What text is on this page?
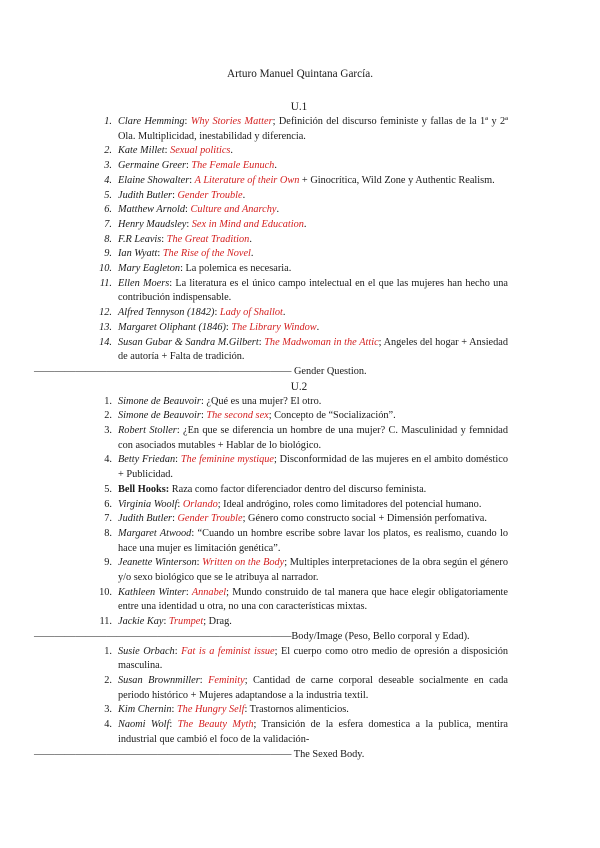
Arturo Manuel Quintana García.
U.1
1. Clare Hemming: Why Stories Matter; Definición del discurso feministe y fallas de la 1ª y 2ª Ola. Multiplicidad, inestabilidad y diferencia.
2. Kate Millet: Sexual politics.
3. Germaine Greer: The Female Eunuch.
4. Elaine Showalter: A Literature of their Own + Ginocrítica, Wild Zone y Authentic Realism.
5. Judith Butler: Gender Trouble.
6. Matthew Arnold: Culture and Anarchy.
7. Henry Maudsley: Sex in Mind and Education.
8. F.R Leavis: The Great Tradition.
9. Ian Wyatt: The Rise of the Novel.
10. Mary Eagleton: La polemica es necesaria.
11. Ellen Moers: La literatura es el único campo intelectual en el que las mujeres han hecho una contribución indispensable.
12. Alfred Tennyson (1842): Lady of Shallot.
13. Margaret Oliphant (1846): The Library Window.
14. Susan Gubar & Sandra M.Gilbert: The Madwoman in the Attic; Angeles del hogar + Ansiedad de autoría + Falta de tradición.
————————————————————————— Gender Question.
U.2
1. Simone de Beauvoir: ¿Qué es una mujer? El otro.
2. Simone de Beauvoir: The second sex; Concepto de “Socialización”.
3. Robert Stoller: ¿En que se diferencia un hombre de una mujer? C. Masculinidad y femnidad con asociados mutables + Hablar de lo biológico.
4. Betty Friedan: The feminine mystique; Disconformidad de las mujeres en el ambito doméstico + Publicidad.
5. Bell Hooks: Raza como factor diferenciador dentro del discurso feminista.
6. Virginia Woolf: Orlando; Ideal andrógino, roles como limitadores del potencial humano.
7. Judith Butler: Gender Trouble; Género como constructo social + Dimensión perfomativa.
8. Margaret Atwood: “Cuando un hombre escribe sobre lavar los platos, es realismo, cuando lo hace una mujer es limitación genética”.
9. Jeanette Winterson: Written on the Body; Multiples interpretaciones de la obra según el género y/o sexo biológico que se le atribuya al narrador.
10. Kathleen Winter: Annabel; Mundo construido de tal manera que hace elegir obligatoriamente entre una identidad u otra, no una con características mixtas.
11. Jackie Kay: Trumpet; Drag.
—————————————————————————Body/Image (Peso, Bello corporal y Edad).
1. Susie Orbach: Fat is a feminist issue; El cuerpo como otro medio de opresión a disposición masculina.
2. Susan Brownmiller: Feminity; Cantidad de carne corporal deseable socialmente en cada periodo histórico + Mujeres adaptandose a la industria textil.
3. Kim Chernin: The Hungry Self: Trastornos alimenticios.
4. Naomi Wolf: The Beauty Myth; Transición de la esfera domestica a la publica, mentira industrial que cambió el foco de la validación-
————————————————————————— The Sexed Body.
